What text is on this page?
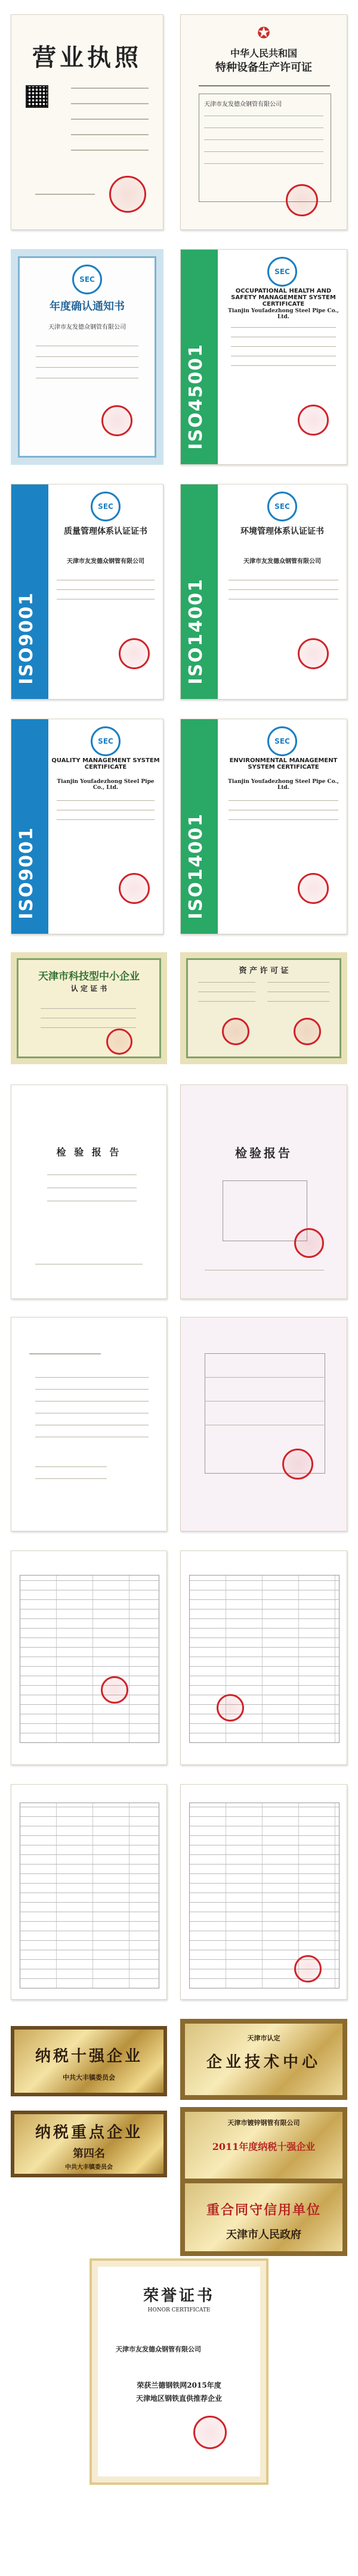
营业执照
✪
中华人民共和国
特种设备生产许可证
天津市友发德众钢管有限公司
SEC
年度确认通知书
天津市友发德众钢管有限公司
ISO45001
SEC
OCCUPATIONAL HEALTH AND SAFETY MANAGEMENT SYSTEM CERTIFICATE
Tianjin Youfadezhong Steel Pipe Co., Ltd.
ISO9001
SEC
质量管理体系认证证书
天津市友发德众钢管有限公司
ISO14001
SEC
环境管理体系认证证书
天津市友发德众钢管有限公司
ISO9001
SEC
QUALITY MANAGEMENT SYSTEM CERTIFICATE
Tianjin Youfadezhong Steel Pipe Co., Ltd.
ISO14001
SEC
ENVIRONMENTAL MANAGEMENT SYSTEM CERTIFICATE
Tianjin Youfadezhong Steel Pipe Co., Ltd.
天津市科技型中小企业
认 定 证 书
资 产 许 可 证
检 验 报 告	检验报告
纳税十强企业
中共大丰镇委员会
天津市认定
企业技术中心
纳税重点企业
第四名
中共大丰镇委员会
天津市镀锌钢管有限公司
2011年度纳税十强企业
重合同守信用单位
天津市人民政府
荣誉证书
HONOR CERTIFICATE
天津市友发德众钢管有限公司
荣获兰德钢铁网2015年度
天津地区钢铁直供推荐企业
